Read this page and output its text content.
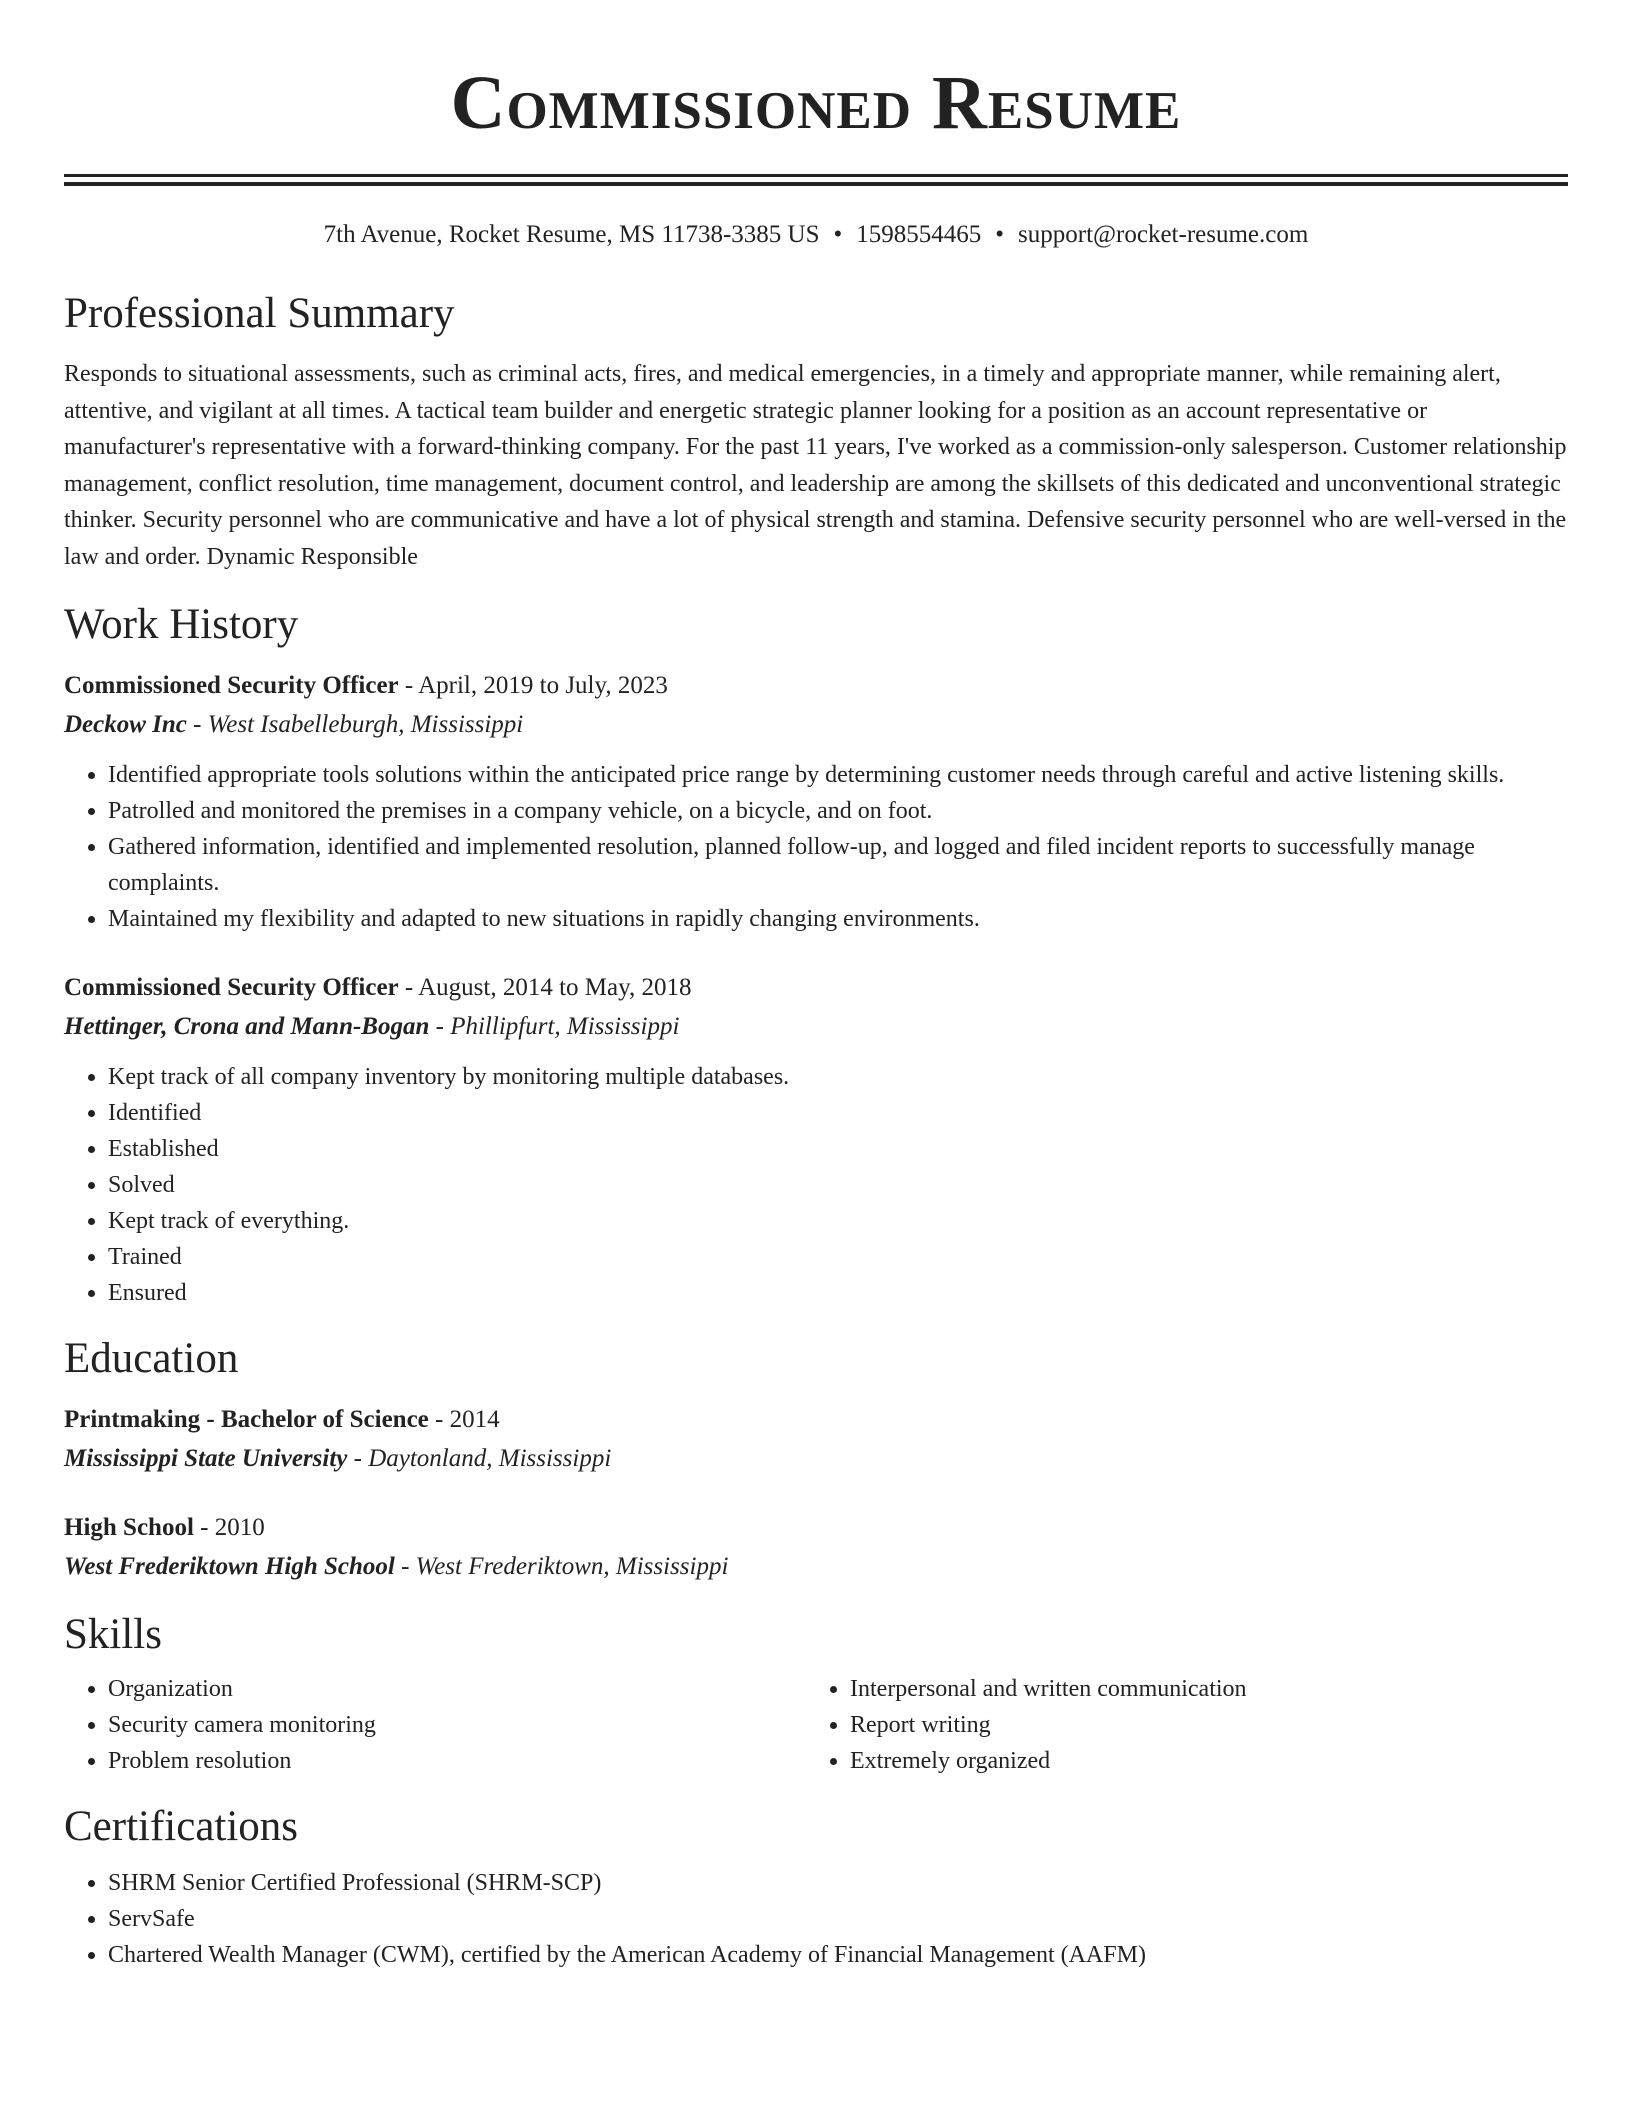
Commissioned Resume
7th Avenue, Rocket Resume, MS 11738-3385 US • 1598554465 • support@rocket-resume.com
Professional Summary

Responds to situational assessments, such as criminal acts, fires, and medical emergencies, in a timely and appropriate manner, while remaining alert, attentive, and vigilant at all times. A tactical team builder and energetic strategic planner looking for a position as an account representative or manufacturer's representative with a forward-thinking company. For the past 11 years, I've worked as a commission-only salesperson. Customer relationship management, conflict resolution, time management, document control, and leadership are among the skillsets of this dedicated and unconventional strategic thinker. Security personnel who are communicative and have a lot of physical strength and stamina. Defensive security personnel who are well-versed in the law and order. Dynamic Responsible

Work History
Commissioned Security Officer - April, 2019 to July, 2023
Deckow Inc - West Isabelleburgh, Mississippi
• Identified appropriate tools solutions within the anticipated price range by determining customer needs through careful and active listening skills.
• Patrolled and monitored the premises in a company vehicle, on a bicycle, and on foot.
• Gathered information, identified and implemented resolution, planned follow-up, and logged and filed incident reports to successfully manage complaints.
• Maintained my flexibility and adapted to new situations in rapidly changing environments.
Commissioned Security Officer - August, 2014 to May, 2018
Hettinger, Crona and Mann-Bogan - Phillipfurt, Mississippi
• Kept track of all company inventory by monitoring multiple databases.
• Identified
• Established
• Solved
• Kept track of everything.
• Trained
• Ensured
Education
Printmaking - Bachelor of Science - 2014
Mississippi State University - Daytonland, Mississippi
High School - 2010
West Frederiktown High School - West Frederiktown, Mississippi
Skills
• Organization
• Security camera monitoring
• Problem resolution
• Interpersonal and written communication
• Report writing
• Extremely organized
Certifications
• SHRM Senior Certified Professional (SHRM-SCP)
• ServSafe
• Chartered Wealth Manager (CWM), certified by the American Academy of Financial Management (AAFM)
